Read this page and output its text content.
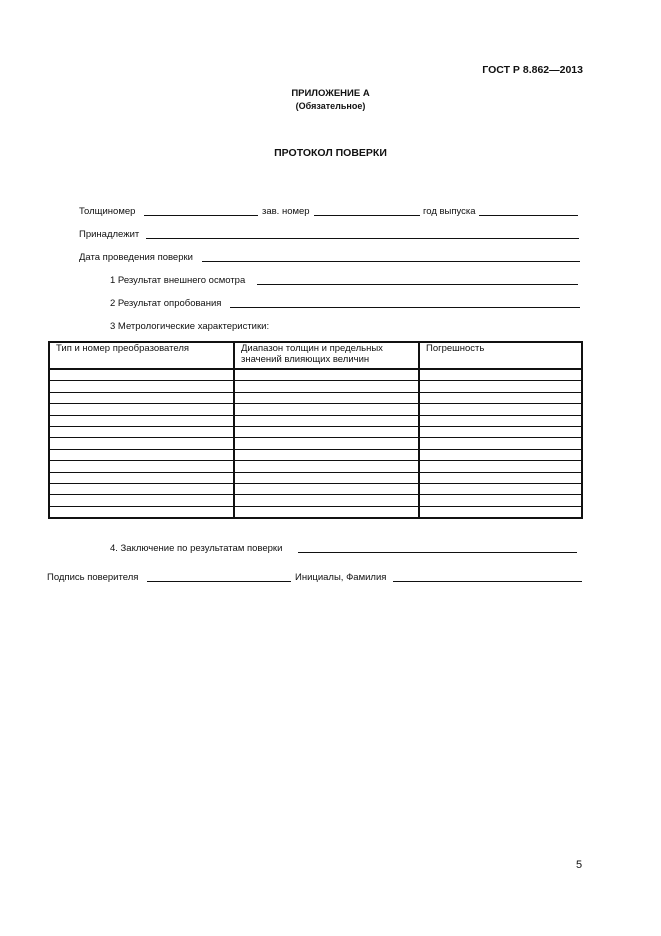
ГОСТ Р 8.862—2013
ПРИЛОЖЕНИЕ А
(Обязательное)
ПРОТОКОЛ ПОВЕРКИ
Толщиномер	зав. номер	год выпуска
Принадлежит
Дата проведения поверки
1 Результат внешнего осмотра
2 Результат опробования
3 Метрологические характеристики:
Тип и номер преобразователя	Диапазон толщин и предельных значений влияющих величин	Погрешность

4. Заключение по результатам поверки
Подпись поверителя	Инициалы, Фамилия
5
